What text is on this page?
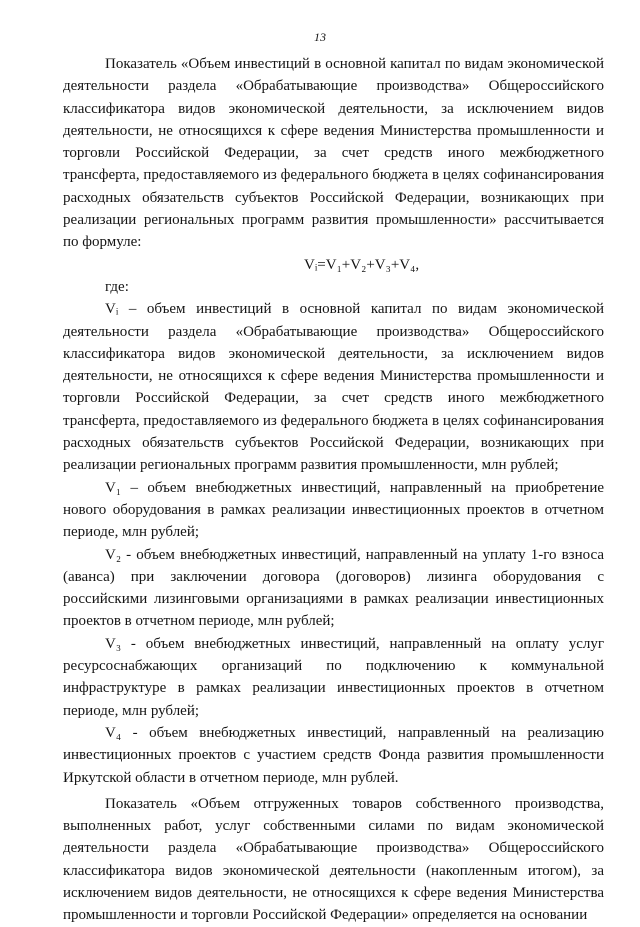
13

Показатель «Объем инвестиций в основной капитал по видам экономической деятельности раздела «Обрабатывающие производства» Общероссийского классификатора видов экономической деятельности, за исключением видов деятельности, не относящихся к сфере ведения Министерства промышленности и торговли Российской Федерации, за счет средств иного межбюджетного трансферта, предоставляемого из федерального бюджета в целях софинансирования расходных обязательств субъектов Российской Федерации, возникающих при реализации региональных программ развития промышленности» рассчитывается по формуле:

Vᵢ=V₁+V₂+V₃+V₄,

где:

Vᵢ – объем инвестиций в основной капитал по видам экономической деятельности раздела «Обрабатывающие производства» Общероссийского классификатора видов экономической деятельности, за исключением видов деятельности, не относящихся к сфере ведения Министерства промышленности и торговли Российской Федерации, за счет средств иного межбюджетного трансферта, предоставляемого из федерального бюджета в целях софинансирования расходных обязательств субъектов Российской Федерации, возникающих при реализации региональных программ развития промышленности, млн рублей;

V₁ – объем внебюджетных инвестиций, направленный на приобретение нового оборудования в рамках реализации инвестиционных проектов в отчетном периоде, млн рублей;

V₂ - объем внебюджетных инвестиций, направленный на уплату 1-го взноса (аванса) при заключении договора (договоров) лизинга оборудования с российскими лизинговыми организациями в рамках реализации инвестиционных проектов в отчетном периоде, млн рублей;

V₃ - объем внебюджетных инвестиций, направленный на оплату услуг ресурсоснабжающих организаций по подключению к коммунальной инфраструктуре в рамках реализации инвестиционных проектов в отчетном периоде, млн рублей;

V₄ - объем внебюджетных инвестиций, направленный на реализацию инвестиционных проектов с участием средств Фонда развития промышленности Иркутской области в отчетном периоде, млн рублей.

Показатель «Объем отгруженных товаров собственного производства, выполненных работ, услуг собственными силами по видам экономической деятельности раздела «Обрабатывающие производства» Общероссийского классификатора видов экономической деятельности (накопленным итогом), за исключением видов деятельности, не относящихся к сфере ведения Министерства промышленности и торговли Российской Федерации» определяется на основании
